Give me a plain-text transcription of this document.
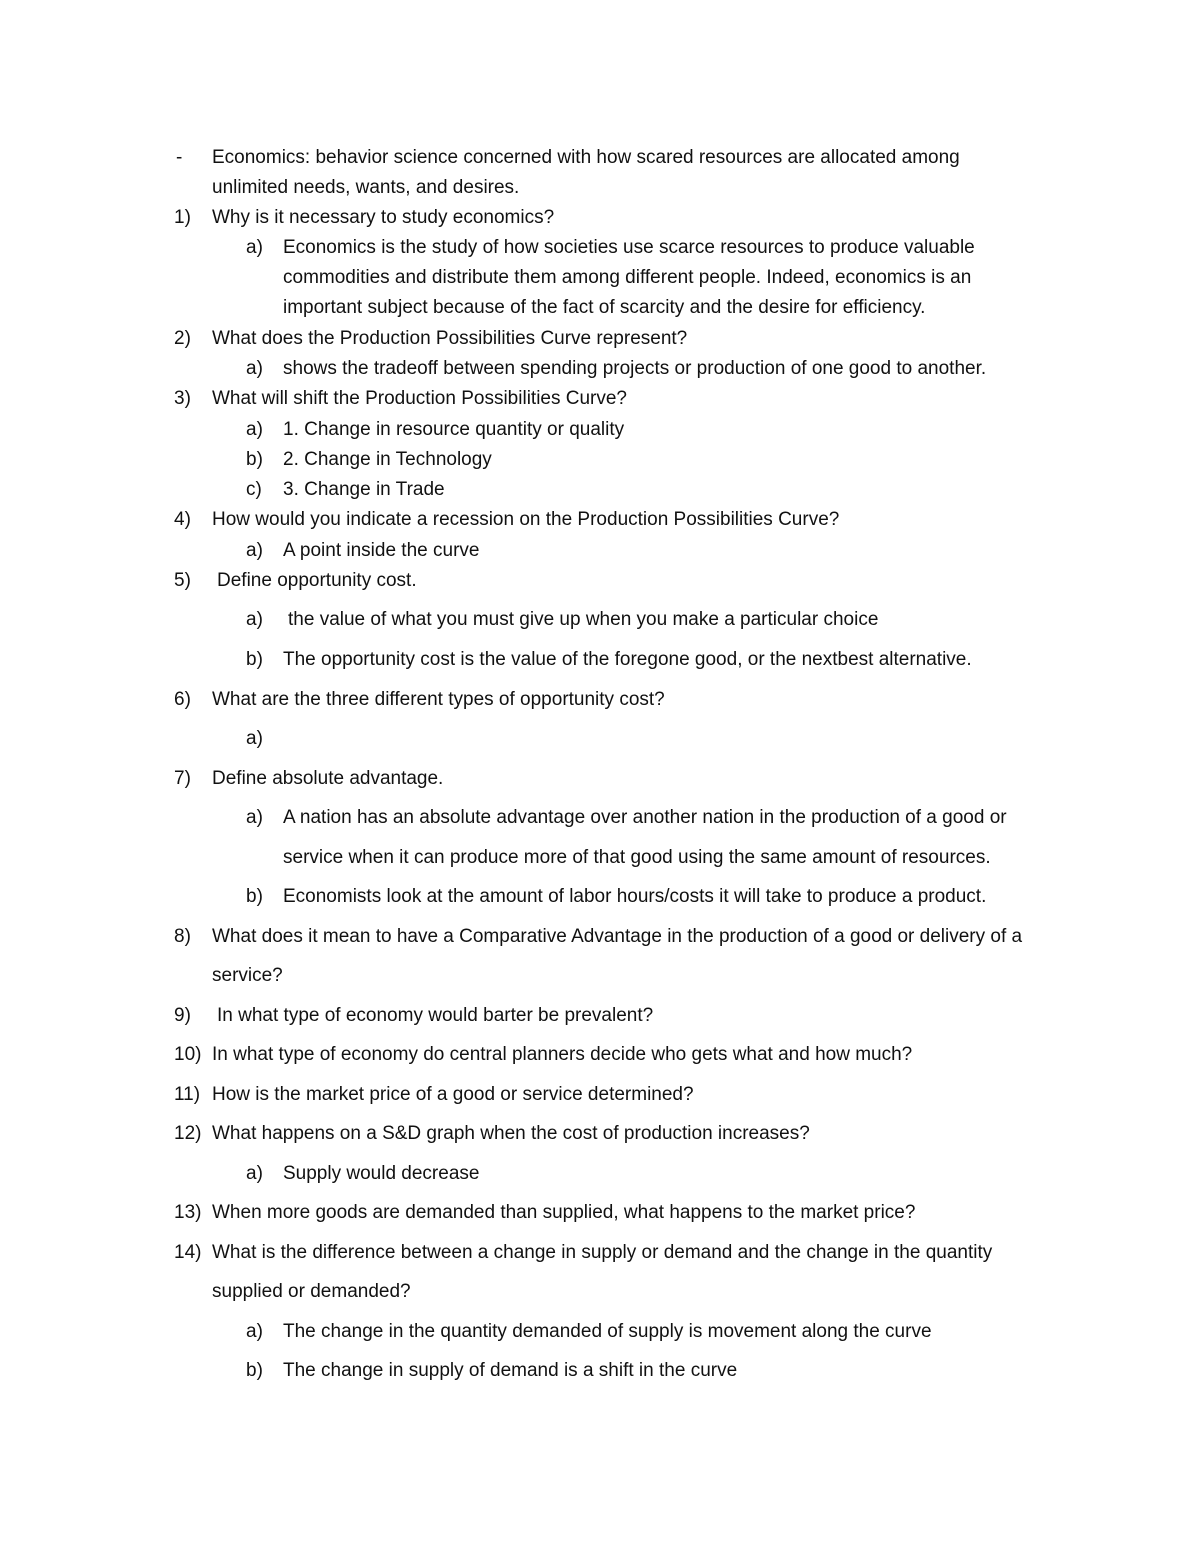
- Economics: behavior science concerned with how scared resources are allocated among
unlimited needs, wants, and desires.
1) Why is it necessary to study economics?
a) Economics is the study of how societies use scarce resources to produce valuable
commodities and distribute them among different people. Indeed, economics is an
important subject because of the fact of scarcity and the desire for efficiency.
2) What does the Production Possibilities Curve represent?
a) shows the tradeoff between spending projects or production of one good to another.
3) What will shift the Production Possibilities Curve?
a) 1. Change in resource quantity or quality
b) 2. Change in Technology
c) 3. Change in Trade
4) How would you indicate a recession on the Production Possibilities Curve?
a) A point inside the curve
5) Define opportunity cost.
a) the value of what you must give up when you make a particular choice
b) The opportunity cost is the value of the foregone good, or the nextbest alternative.
6) What are the three different types of opportunity cost?
a)
7) Define absolute advantage.
a) A nation has an absolute advantage over another nation in the production of a good or
service when it can produce more of that good using the same amount of resources.
b) Economists look at the amount of labor hours/costs it will take to produce a product.
8) What does it mean to have a Comparative Advantage in the production of a good or delivery of a
service?
9) In what type of economy would barter be prevalent?
10) In what type of economy do central planners decide who gets what and how much?
11) How is the market price of a good or service determined?
12) What happens on a S&D graph when the cost of production increases?
a) Supply would decrease
13) When more goods are demanded than supplied, what happens to the market price?
14) What is the difference between a change in supply or demand and the change in the quantity
supplied or demanded?
a) The change in the quantity demanded of supply is movement along the curve
b) The change in supply of demand is a shift in the curve
